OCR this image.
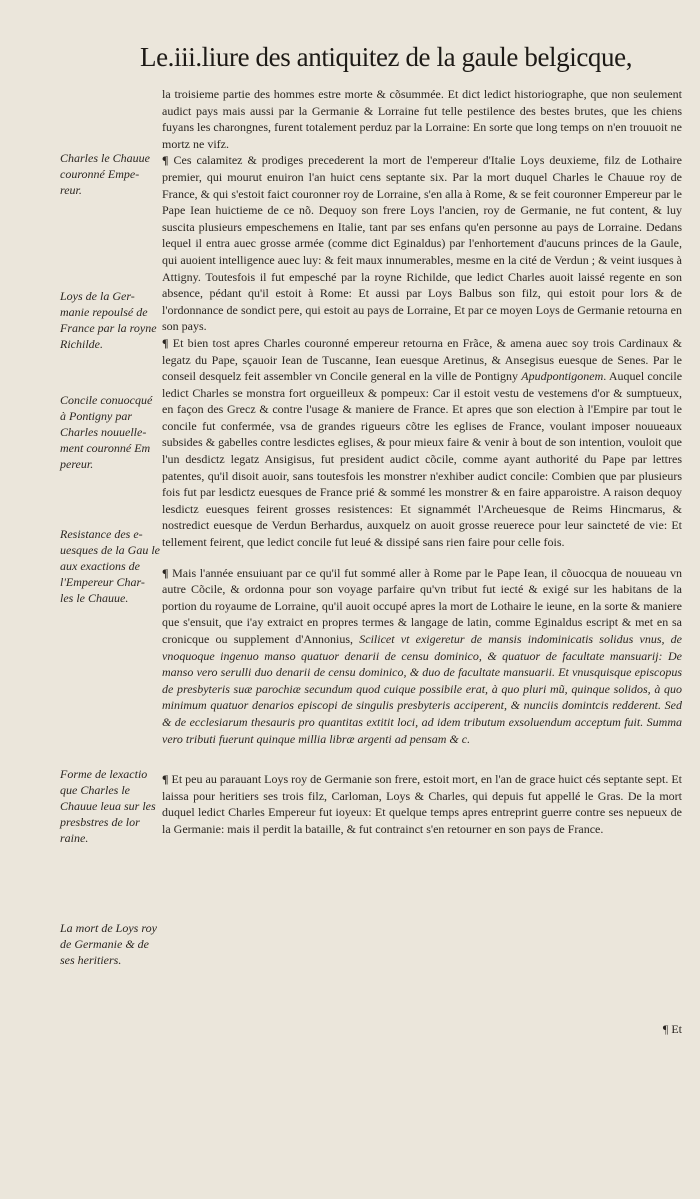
Le.iii.liure des antiquitez de la gaule belgicque,
Charles le Chauue couronné Empe- reur.
Loys de la Ger- manie repoulsé de France par la royne Richilde.
Concile conuocqué à Pontigny par Charles nouuelle- ment couronné Em pereur.
Resistance des e- uesques de la Gau le aux exactions de l'Empereur Char- les le Chauue.
Forme de lexactio que Charles le Chauue leua sur les presbstres de lor raine.
La mort de Loys roy de Germanie & de ses heritiers.

la troisieme partie des hommes estre morte & cõsummée. Et dict ledict historiographe, que non seulement audict pays mais aussi par la Germanie & Lorraine fut telle pestilence des bestes brutes, que les chiens fuyans les charongnes, furent totalement perduz par la Lorraine: En sorte que long temps on n'en trouuoit ne mortz ne vifz.

¶ Ces calamitez & prodiges precederent la mort de l'empereur d'Italie Loys deuxieme, filz de Lothaire premier, qui mourut enuiron l'an huict cens septante six. Par la mort duquel Charles le Chauue roy de France, & qui s'estoit faict couronner roy de Lorraine, s'en alla à Rome, & se feit couronner Empereur par le Pape Iean huictieme de ce nõ. Dequoy son frere Loys l'ancien, roy de Germanie, ne fut content, & luy suscita plusieurs empeschemens en Italie, tant par ses enfans qu'en personne au pays de Lorraine. Dedans lequel il entra auec grosse armée (comme dict Eginaldus) par l'enhortement d'aucuns princes de la Gaule, qui auoient intelligence auec luy: & feit maux innumerables, mesme en la cité de Verdun ; & veint iusques à Attigny. Toutesfois il fut empesché par la royne Richilde, que ledict Charles auoit laissé regente en son absence, pédant qu'il estoit à Rome: Et aussi par Loys Balbus son filz, qui estoit pour lors & de l'ordonnance de sondict pere, qui estoit au pays de Lorraine, Et par ce moyen Loys de Germanie retourna en son pays.

¶ Et bien tost apres Charles couronné empereur retourna en Frãce, & amena auec soy trois Cardinaux & legatz du Pape, sçauoir Iean de Tuscanne, Iean euesque Aretinus, & Ansegisus euesque de Senes. Par le conseil desquelz feit assembler vn Concile general en la ville de Pontigny Apudpontigonem. Auquel concile ledict Charles se monstra fort orgueilleux & pompeux: Car il estoit vestu de vestemens d'or & sumptueux, en façon des Grecz & contre l'usage & maniere de France. Et apres que son election à l'Empire par tout le concile fut confermée, vsa de grandes rigueurs cõtre les eglises de France, voulant imposer nouueaux subsides & gabelles contre lesdictes eglises, & pour mieux faire & venir à bout de son intention, vouloit que l'un desdictz legatz Ansigisus, fut president audict cõcile, comme ayant authorité du Pape par lettres patentes, qu'il disoit auoir, sans toutesfois les monstrer n'exhiber audict concile: Combien que par plusieurs fois fut par lesdictz euesques de France prié & sommé les monstrer & en faire apparoistre. A raison dequoy lesdictz euesques feirent grosses resistences: Et signammét l'Archeuesque de Reims Hincmarus, & nostredict euesque de Verdun Berhardus, auxquelz on auoit grosse reuerece pour leur saincteté de vie: Et tellement feirent, que ledict concile fut leué & dissipé sans rien faire pour celle fois.

¶ Mais l'année ensuiuant par ce qu'il fut sommé aller à Rome par le Pape Iean, il cõuocqua de nouueau vn autre Cõcile, & ordonna pour son voyage parfaire qu'vn tribut fut iecté & exigé sur les habitans de la portion du royaume de Lorraine, qu'il auoit occupé apres la mort de Lothaire le ieune, en la sorte & maniere que s'ensuit, que i'ay extraict en propres termes & langage de latin, comme Eginaldus escript & met en sa cronicque ou supplement d'Annonius, Scilicet vt exigeretur de mansis indominicatis solidus vnus, de vnoquoque ingenuo manso quatuor denarii de censu dominico, & quatuor de facultate mansuarij: De manso vero serulli duo denarii de censu dominico, & duo de facultate mansuarii. Et vnusquisque episcopus de presbyteris suæ parochiæ secundum quod cuique possibile erat, à quo pluri mũ, quinque solidos, à quo minimum quatuor denarios episcopi de singulis presbyteris acciperent, & nunciis domintcis redderent. Sed & de ecclesiarum thesauris pro quantitas extitit loci, ad idem tributum exsoluendum acceptum fuit. Summa vero tributi fuerunt quinque millia libræ argenti ad pensam & c.

¶ Et peu au parauant Loys roy de Germanie son frere, estoit mort, en l'an de grace huict cés septante sept. Et laissa pour heritiers ses trois filz, Carloman, Loys & Charles, qui depuis fut appellé le Gras. De la mort duquel ledict Charles Empereur fut ioyeux: Et quelque temps apres entreprint guerre contre ses nepueux de la Germanie: mais il perdit la bataille, & fut contrainct s'en retourner en son pays de France.

¶ Et
